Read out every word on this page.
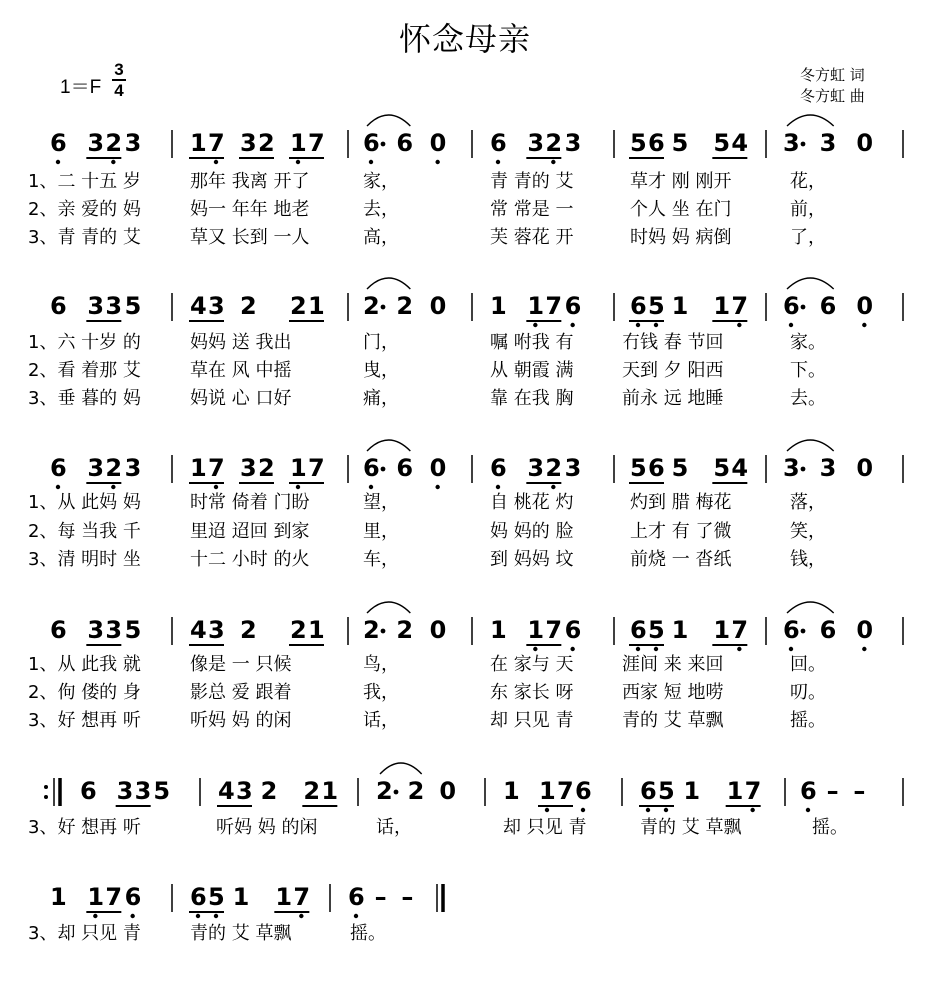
怀念母亲
1＝F
3
4
冬方虹 词
冬方虹 曲
6 3 2 3 1 7 3 2 1 7 6 6 0 6 3 2 3 5 6 5 5 4 3 3 0
1、二 十五 岁	那年 我离 开了	家，	青 青的 艾	草才 刚 刚开	花，
2、亲 爱的 妈	妈一 年年 地老	去，	常 常是 一	个人 坐 在门	前，
3、青 青的 艾	草又 长到 一人	高，	芙 蓉花 开	时妈 妈 病倒	了，
6 3 3 5 4 3 2 2 1 2 2 0 1 1 7 6 6 5 1 1 7 6 6 0
1、六 十岁 的	妈妈 送 我出	门，	嘱 咐我 有	冇钱 春 节回	家。
2、看 着那 艾	草在 风 中摇	曳，	从 朝霞 满	天到 夕 阳西	下。
3、垂 暮的 妈	妈说 心 口好	痛，	靠 在我 胸	前永 远 地睡	去。
6 3 2 3 1 7 3 2 1 7 6 6 0 6 3 2 3 5 6 5 5 4 3 3 0
1、从 此妈 妈	时常 倚着 门盼	望，	自 桃花 灼	灼到 腊 梅花	落，
2、每 当我 千	里迢 迢回 到家	里，	妈 妈的 脸	上才 有 了微	笑，
3、清 明时 坐	十二 小时 的火	车，	到 妈妈 坟	前烧 一 沓纸	钱，
6 3 3 5 4 3 2 2 1 2 2 0 1 1 7 6 6 5 1 1 7 6 6 0
1、从 此我 就	像是 一 只候	鸟，	在 家与 天	涯间 来 来回	回。
2、佝 偻的 身	影总 爱 跟着	我，	东 家长 呀	西家 短 地唠	叨。
3、好 想再 听	听妈 妈 的闲	话，	却 只见 青	青的 艾 草飘	摇。
6 3 3 5 4 3 2 2 1 2 2 0 1 1 7 6 6 5 1 1 7 6 – –
3、好 想再 听	听妈 妈 的闲	话，	却 只见 青	青的 艾 草飘	摇。
1 1 7 6 6 5 1 1 7 6 – –
3、却 只见 青	青的 艾 草飘	摇。
